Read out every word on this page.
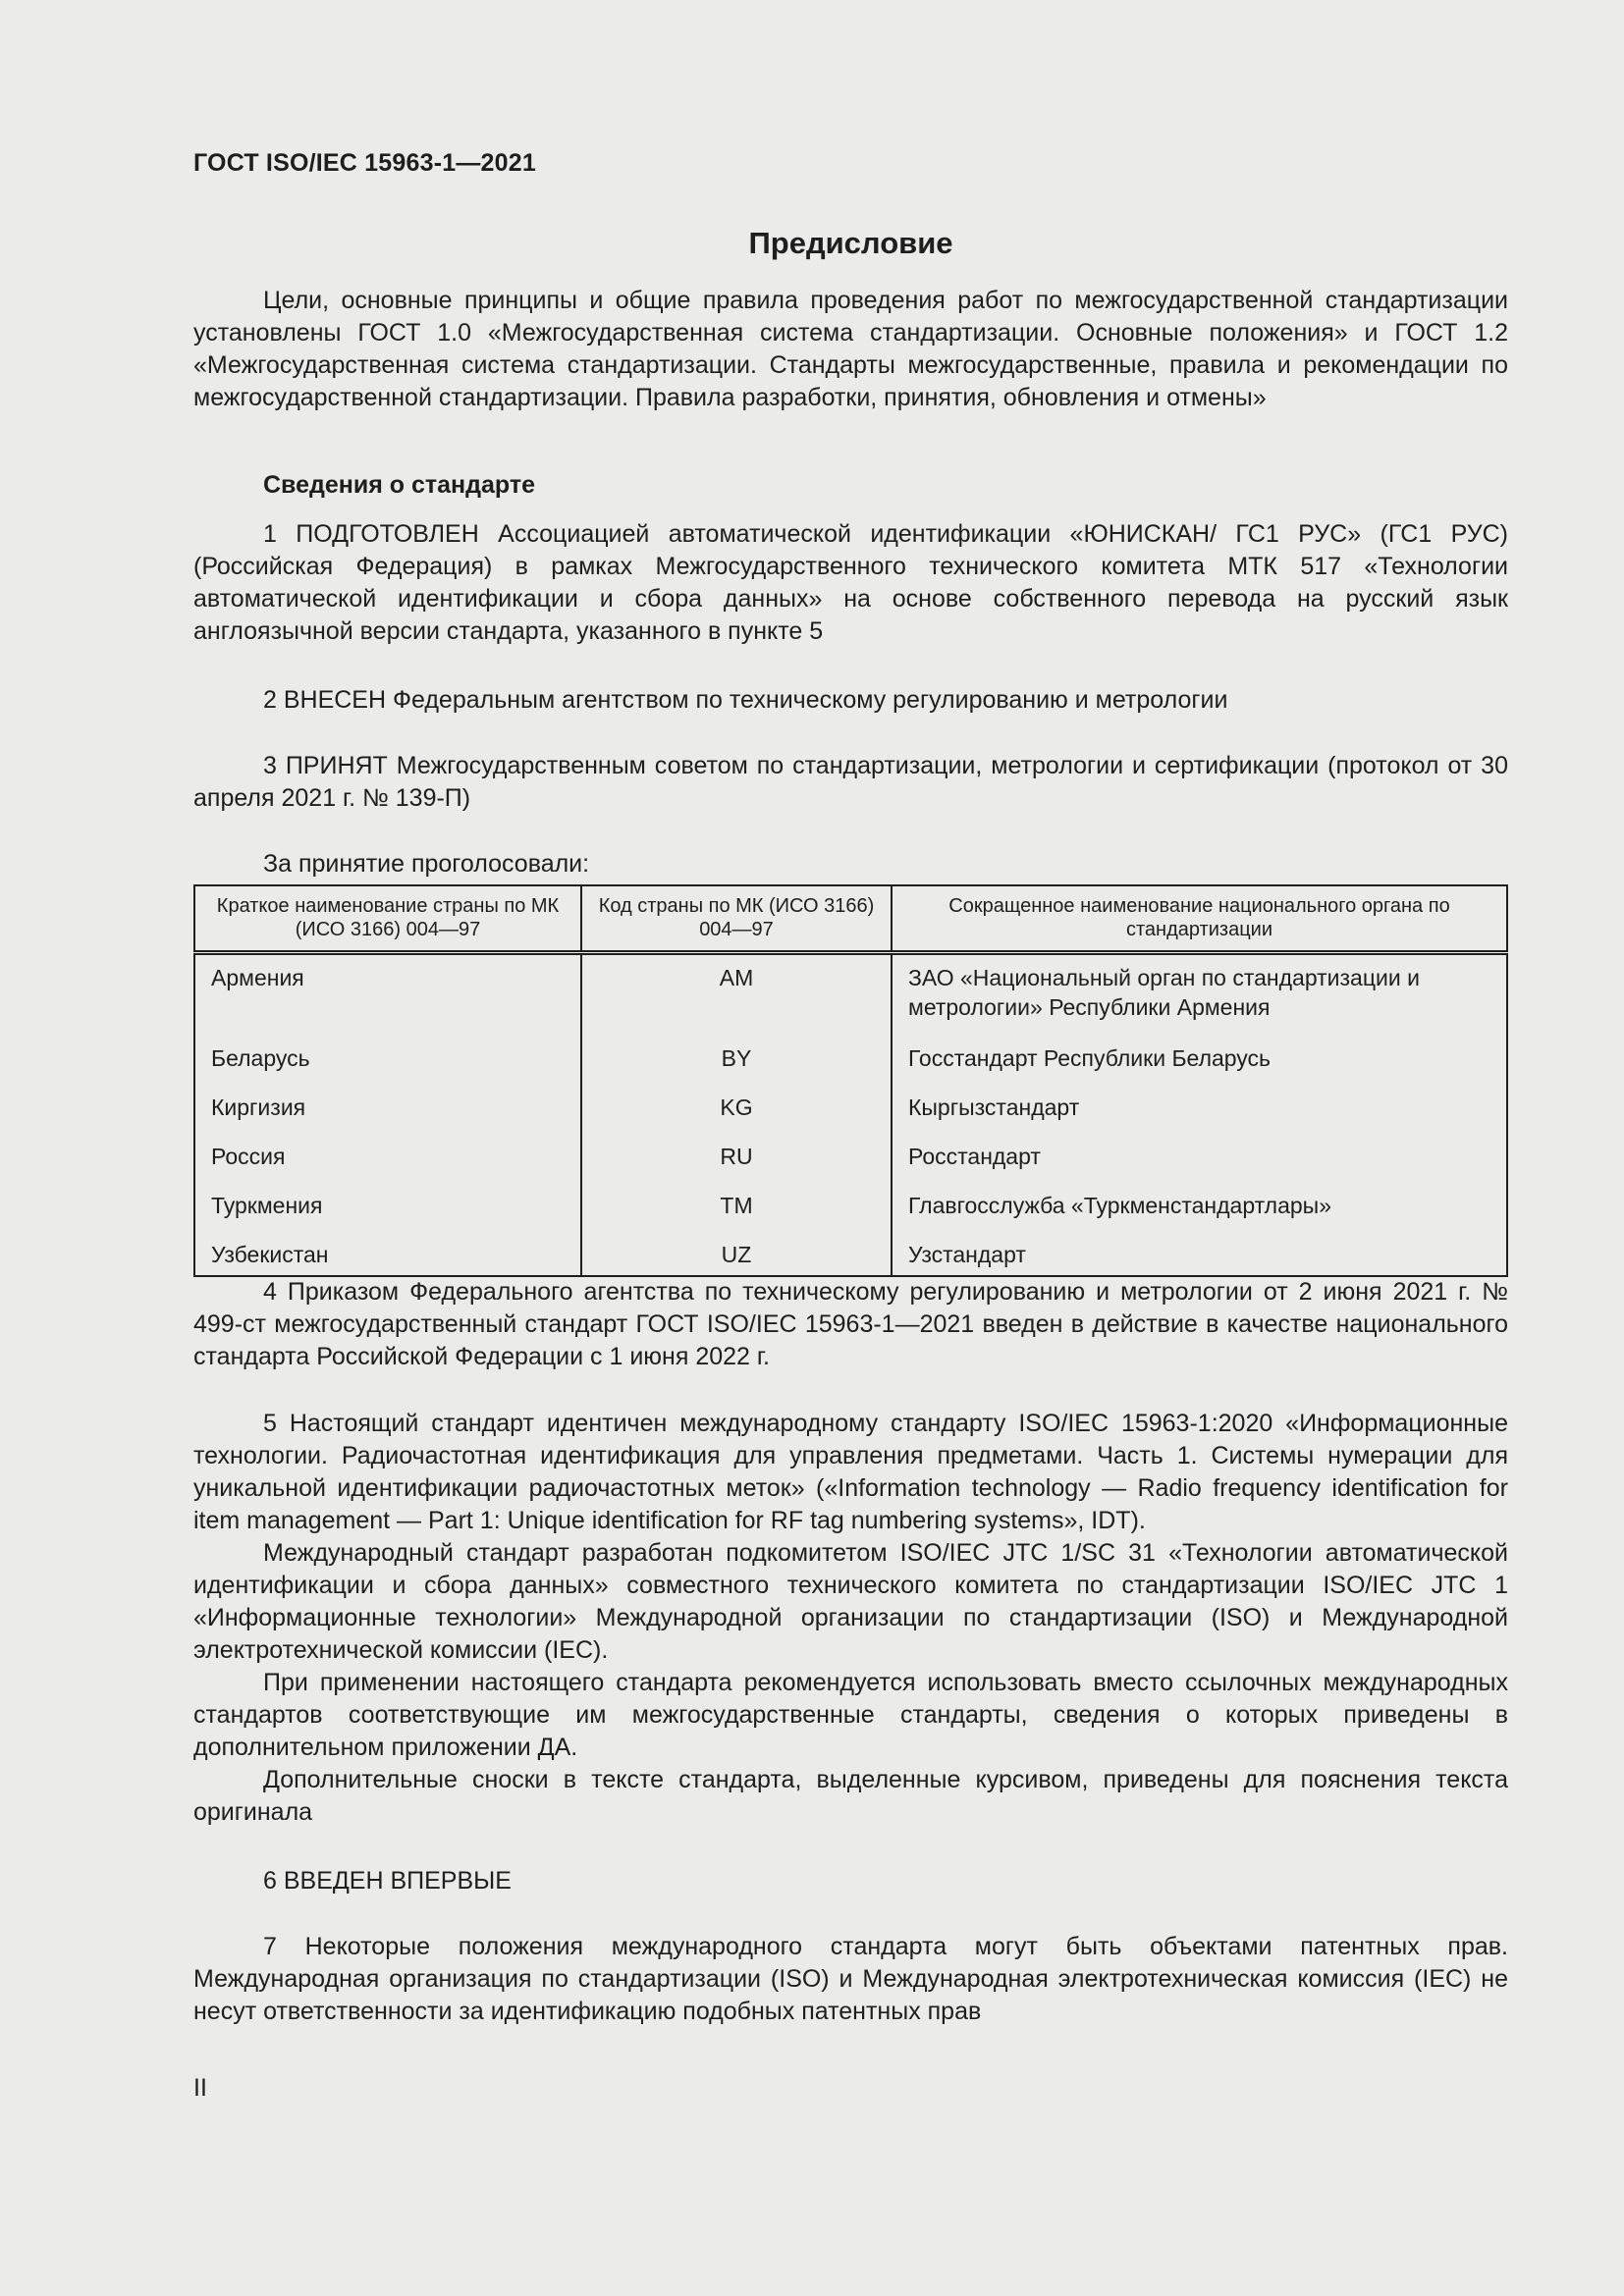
ГОСТ ISO/IEC 15963-1—2021
Предисловие

Цели, основные принципы и общие правила проведения работ по межгосударственной стандартизации установлены ГОСТ 1.0 «Межгосударственная система стандартизации. Основные положения» и ГОСТ 1.2 «Межгосударственная система стандартизации. Стандарты межгосударственные, правила и рекомендации по межгосударственной стандартизации. Правила разработки, принятия, обновления и отмены»

Сведения о стандарте

1 ПОДГОТОВЛЕН Ассоциацией автоматической идентификации «ЮНИСКАН/ ГС1 РУС» (ГС1 РУС) (Российская Федерация) в рамках Межгосударственного технического комитета МТК 517 «Технологии автоматической идентификации и сбора данных» на основе собственного перевода на русский язык англоязычной версии стандарта, указанного в пункте 5

2 ВНЕСЕН Федеральным агентством по техническому регулированию и метрологии

3 ПРИНЯТ Межгосударственным советом по стандартизации, метрологии и сертификации (протокол от 30 апреля 2021 г. № 139-П)

За принятие проголосовали:

Краткое наименование страны по МК (ИСО 3166) 004—97	Код страны по МК (ИСО 3166) 004—97	Сокращенное наименование национального органа по стандартизации
Армения	AM	ЗАО «Национальный орган по стандартизации и метрологии» Республики Армения
Беларусь	BY	Госстандарт Республики Беларусь
Киргизия	KG	Кыргызстандарт
Россия	RU	Росстандарт
Туркмения	TM	Главгосслужба «Туркменстандартлары»
Узбекистан	UZ	Узстандарт

4 Приказом Федерального агентства по техническому регулированию и метрологии от 2 июня 2021 г. № 499-ст межгосударственный стандарт ГОСТ ISO/IEC 15963-1—2021 введен в действие в качестве национального стандарта Российской Федерации с 1 июня 2022 г.

5 Настоящий стандарт идентичен международному стандарту ISO/IEC 15963-1:2020 «Информационные технологии. Радиочастотная идентификация для управления предметами. Часть 1. Системы нумерации для уникальной идентификации радиочастотных меток» («Information technology — Radio frequency identification for item management — Part 1: Unique identification for RF tag numbering systems», IDT).

Международный стандарт разработан подкомитетом ISO/IEC JTC 1/SC 31 «Технологии автоматической идентификации и сбора данных» совместного технического комитета по стандартизации ISO/IEC JTC 1 «Информационные технологии» Международной организации по стандартизации (ISO) и Международной электротехнической комиссии (IEC).

При применении настоящего стандарта рекомендуется использовать вместо ссылочных международных стандартов соответствующие им межгосударственные стандарты, сведения о которых приведены в дополнительном приложении ДА.

Дополнительные сноски в тексте стандарта, выделенные курсивом, приведены для пояснения текста оригинала

6 ВВЕДЕН ВПЕРВЫЕ

7 Некоторые положения международного стандарта могут быть объектами патентных прав. Международная организация по стандартизации (ISO) и Международная электротехническая комиссия (IEC) не несут ответственности за идентификацию подобных патентных прав

II
